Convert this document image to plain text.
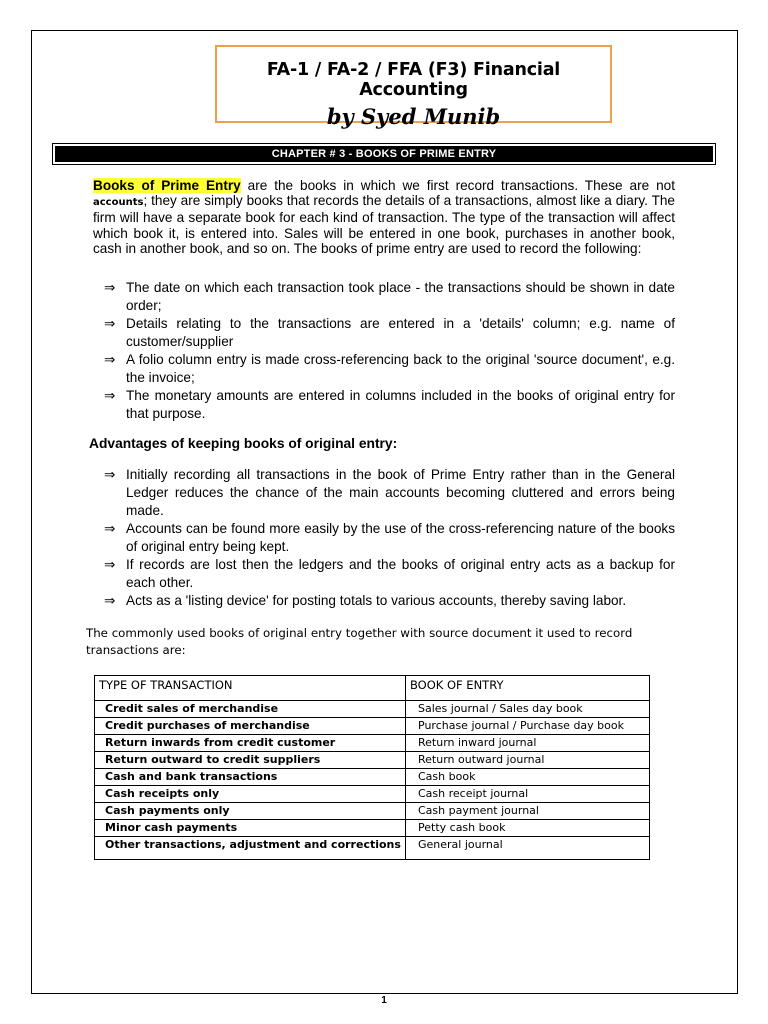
FA-1 / FA-2 / FFA (F3) Financial Accounting
by Syed Munib
CHAPTER # 3 - BOOKS OF PRIME ENTRY
Books of Prime Entry are the books in which we first record transactions. These are not accounts; they are simply books that records the details of a transactions, almost like a diary. The firm will have a separate book for each kind of transaction. The type of the transaction will affect which book it, is entered into. Sales will be entered in one book, purchases in another book, cash in another book, and so on. The books of prime entry are used to record the following:
⇒ The date on which each transaction took place - the transactions should be shown in date order;
⇒ Details relating to the transactions are entered in a 'details' column; e.g. name of customer/supplier
⇒ A folio column entry is made cross-referencing back to the original 'source document', e.g. the invoice;
⇒ The monetary amounts are entered in columns included in the books of original entry for that purpose.
Advantages of keeping books of original entry:
⇒ Initially recording all transactions in the book of Prime Entry rather than in the General Ledger reduces the chance of the main accounts becoming cluttered and errors being made.
⇒ Accounts can be found more easily by the use of the cross-referencing nature of the books of original entry being kept.
⇒ If records are lost then the ledgers and the books of original entry acts as a backup for each other.
⇒ Acts as a 'listing device' for posting totals to various accounts, thereby saving labor.
The commonly used books of original entry together with source document it used to record transactions are:
TYPE OF TRANSACTION	BOOK OF ENTRY
Credit sales of merchandise	Sales journal / Sales day book
Credit purchases of merchandise	Purchase journal / Purchase day book
Return inwards from credit customer	Return inward journal
Return outward to credit suppliers	Return outward journal
Cash and bank transactions	Cash book
Cash receipts only	Cash receipt journal
Cash payments only	Cash payment journal
Minor cash payments	Petty cash book
Other transactions, adjustment and corrections	General journal
1
